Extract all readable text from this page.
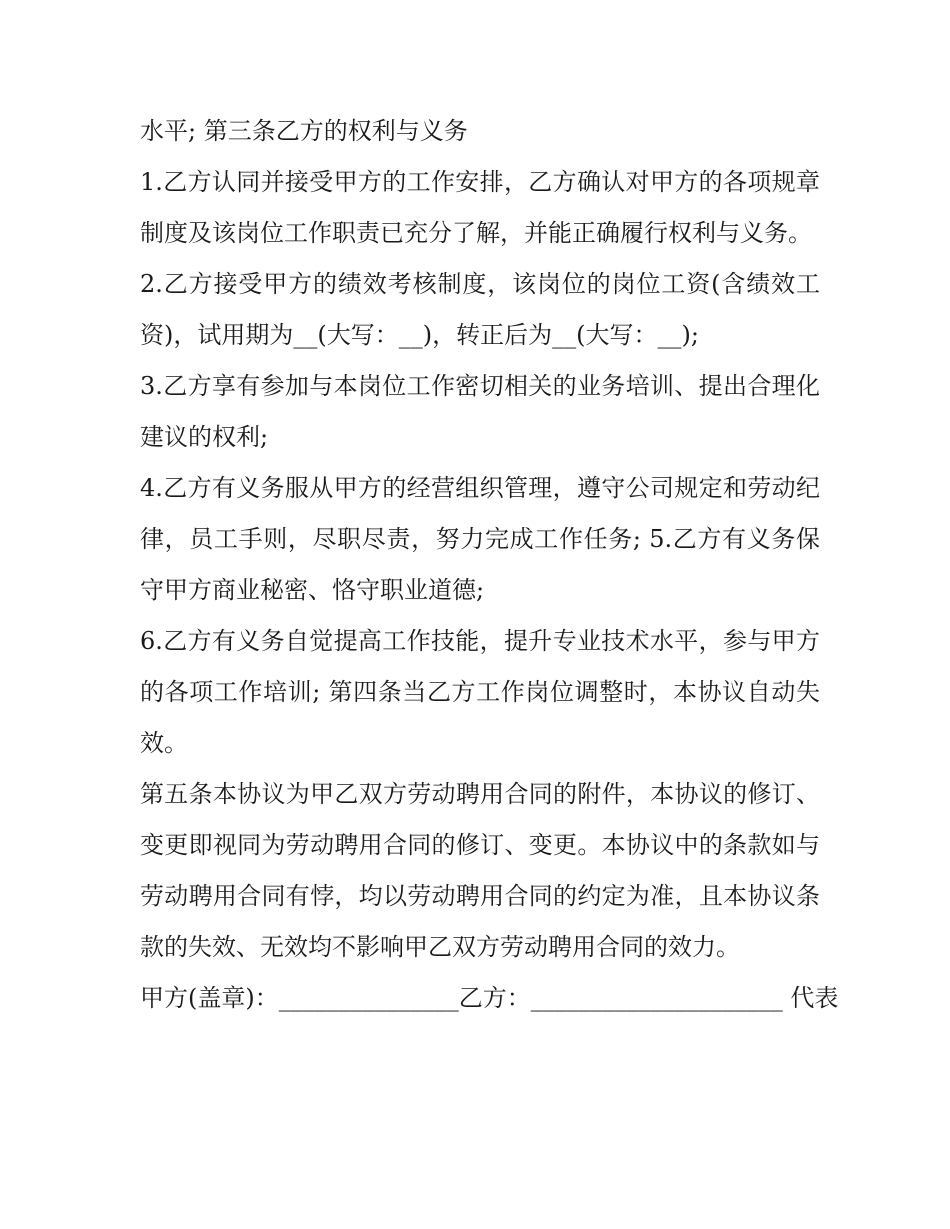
水平; 第三条乙方的权利与义务

1.乙方认同并接受甲方的工作安排，乙方确认对甲方的各项规章制度及该岗位工作职责已充分了解，并能正确履行权利与义务。

2.乙方接受甲方的绩效考核制度，该岗位的岗位工资(含绩效工资)，试用期为__(大写：__)，转正后为__(大写：__);

3.乙方享有参加与本岗位工作密切相关的业务培训、提出合理化建议的权利;

4.乙方有义务服从甲方的经营组织管理，遵守公司规定和劳动纪律，员工手则，尽职尽责，努力完成工作任务; 5.乙方有义务保守甲方商业秘密、恪守职业道德;

6.乙方有义务自觉提高工作技能，提升专业技术水平，参与甲方的各项工作培训; 第四条当乙方工作岗位调整时，本协议自动失效。

第五条本协议为甲乙双方劳动聘用合同的附件，本协议的修订、变更即视同为劳动聘用合同的修订、变更。本协议中的条款如与劳动聘用合同有悖，均以劳动聘用合同的约定为准，且本协议条款的失效、无效均不影响甲乙双方劳动聘用合同的效力。

甲方(盖章)：_______________乙方：_____________________ 代表
